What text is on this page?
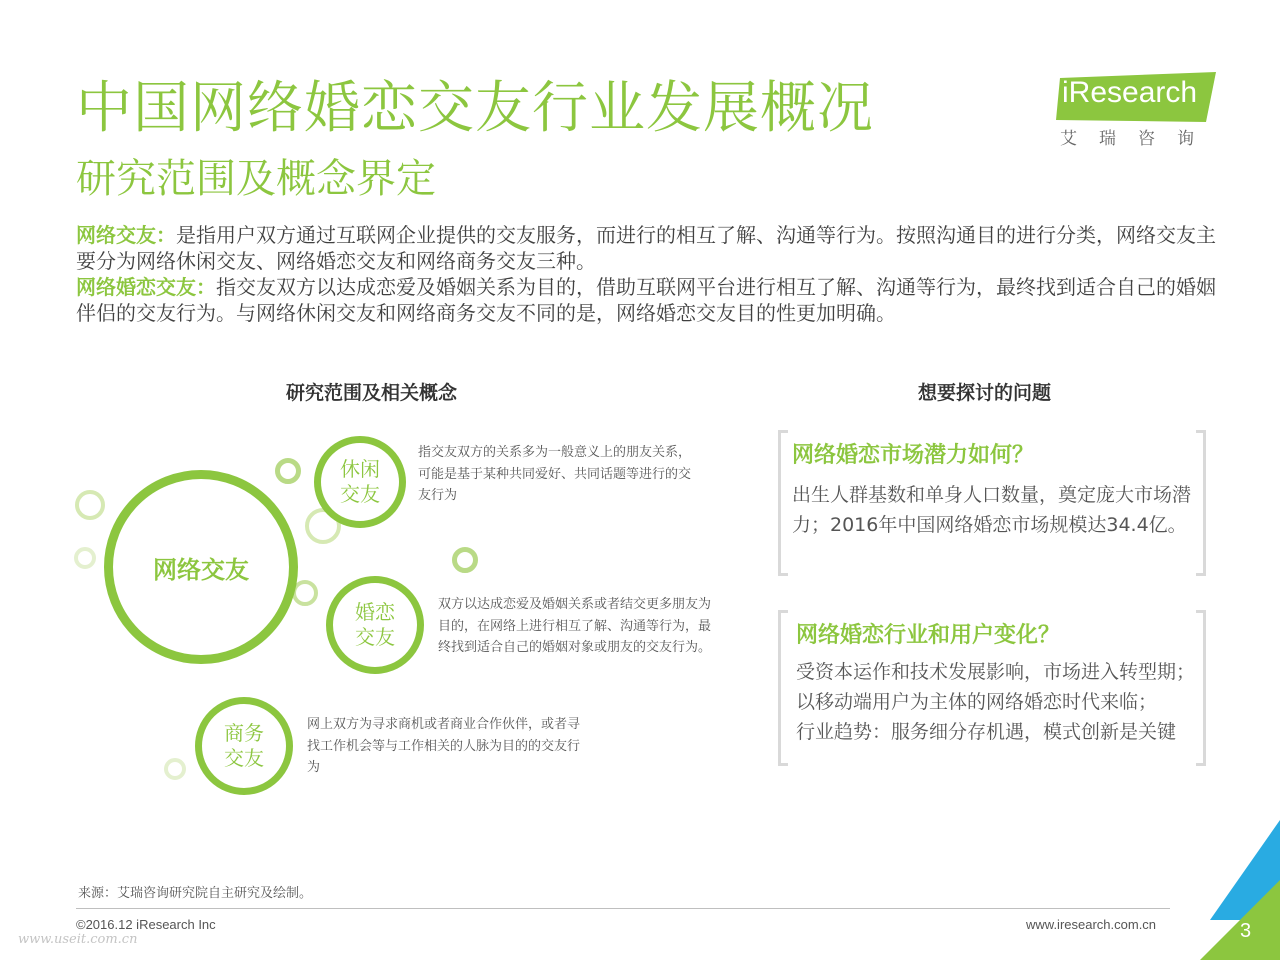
中国网络婚恋交友行业发展概况
研究范围及概念界定
iResearch
艾瑞咨询

网络交友：是指用户双方通过互联网企业提供的交友服务，而进行的相互了解、沟通等行为。按照沟通目的进行分类，网络交友主要分为网络休闲交友、网络婚恋交友和网络商务交友三种。

网络婚恋交友：指交友双方以达成恋爱及婚姻关系为目的，借助互联网平台进行相互了解、沟通等行为，最终找到适合自己的婚姻伴侣的交友行为。与网络休闲交友和网络商务交友不同的是，网络婚恋交友目的性更加明确。

研究范围及相关概念
网络交友
休闲
交友
指交友双方的关系多为一般意义上的朋友关系，可能是基于某种共同爱好、共同话题等进行的交友行为
婚恋
交友
双方以达成恋爱及婚姻关系或者结交更多朋友为目的，在网络上进行相互了解、沟通等行为，最终找到适合自己的婚姻对象或朋友的交友行为。
商务
交友
网上双方为寻求商机或者商业合作伙伴，或者寻找工作机会等与工作相关的人脉为目的的交友行为
想要探讨的问题
网络婚恋市场潜力如何？
出生人群基数和单身人口数量，奠定庞大市场潜力；2016年中国网络婚恋市场规模达34.4亿。
网络婚恋行业和用户变化？
受资本运作和技术发展影响，市场进入转型期；
以移动端用户为主体的网络婚恋时代来临；
行业趋势：服务细分存机遇，模式创新是关键
来源：艾瑞咨询研究院自主研究及绘制。
©2016.12 iResearch Inc	www.iresearch.com.cn
www.useit.com.cn	3
